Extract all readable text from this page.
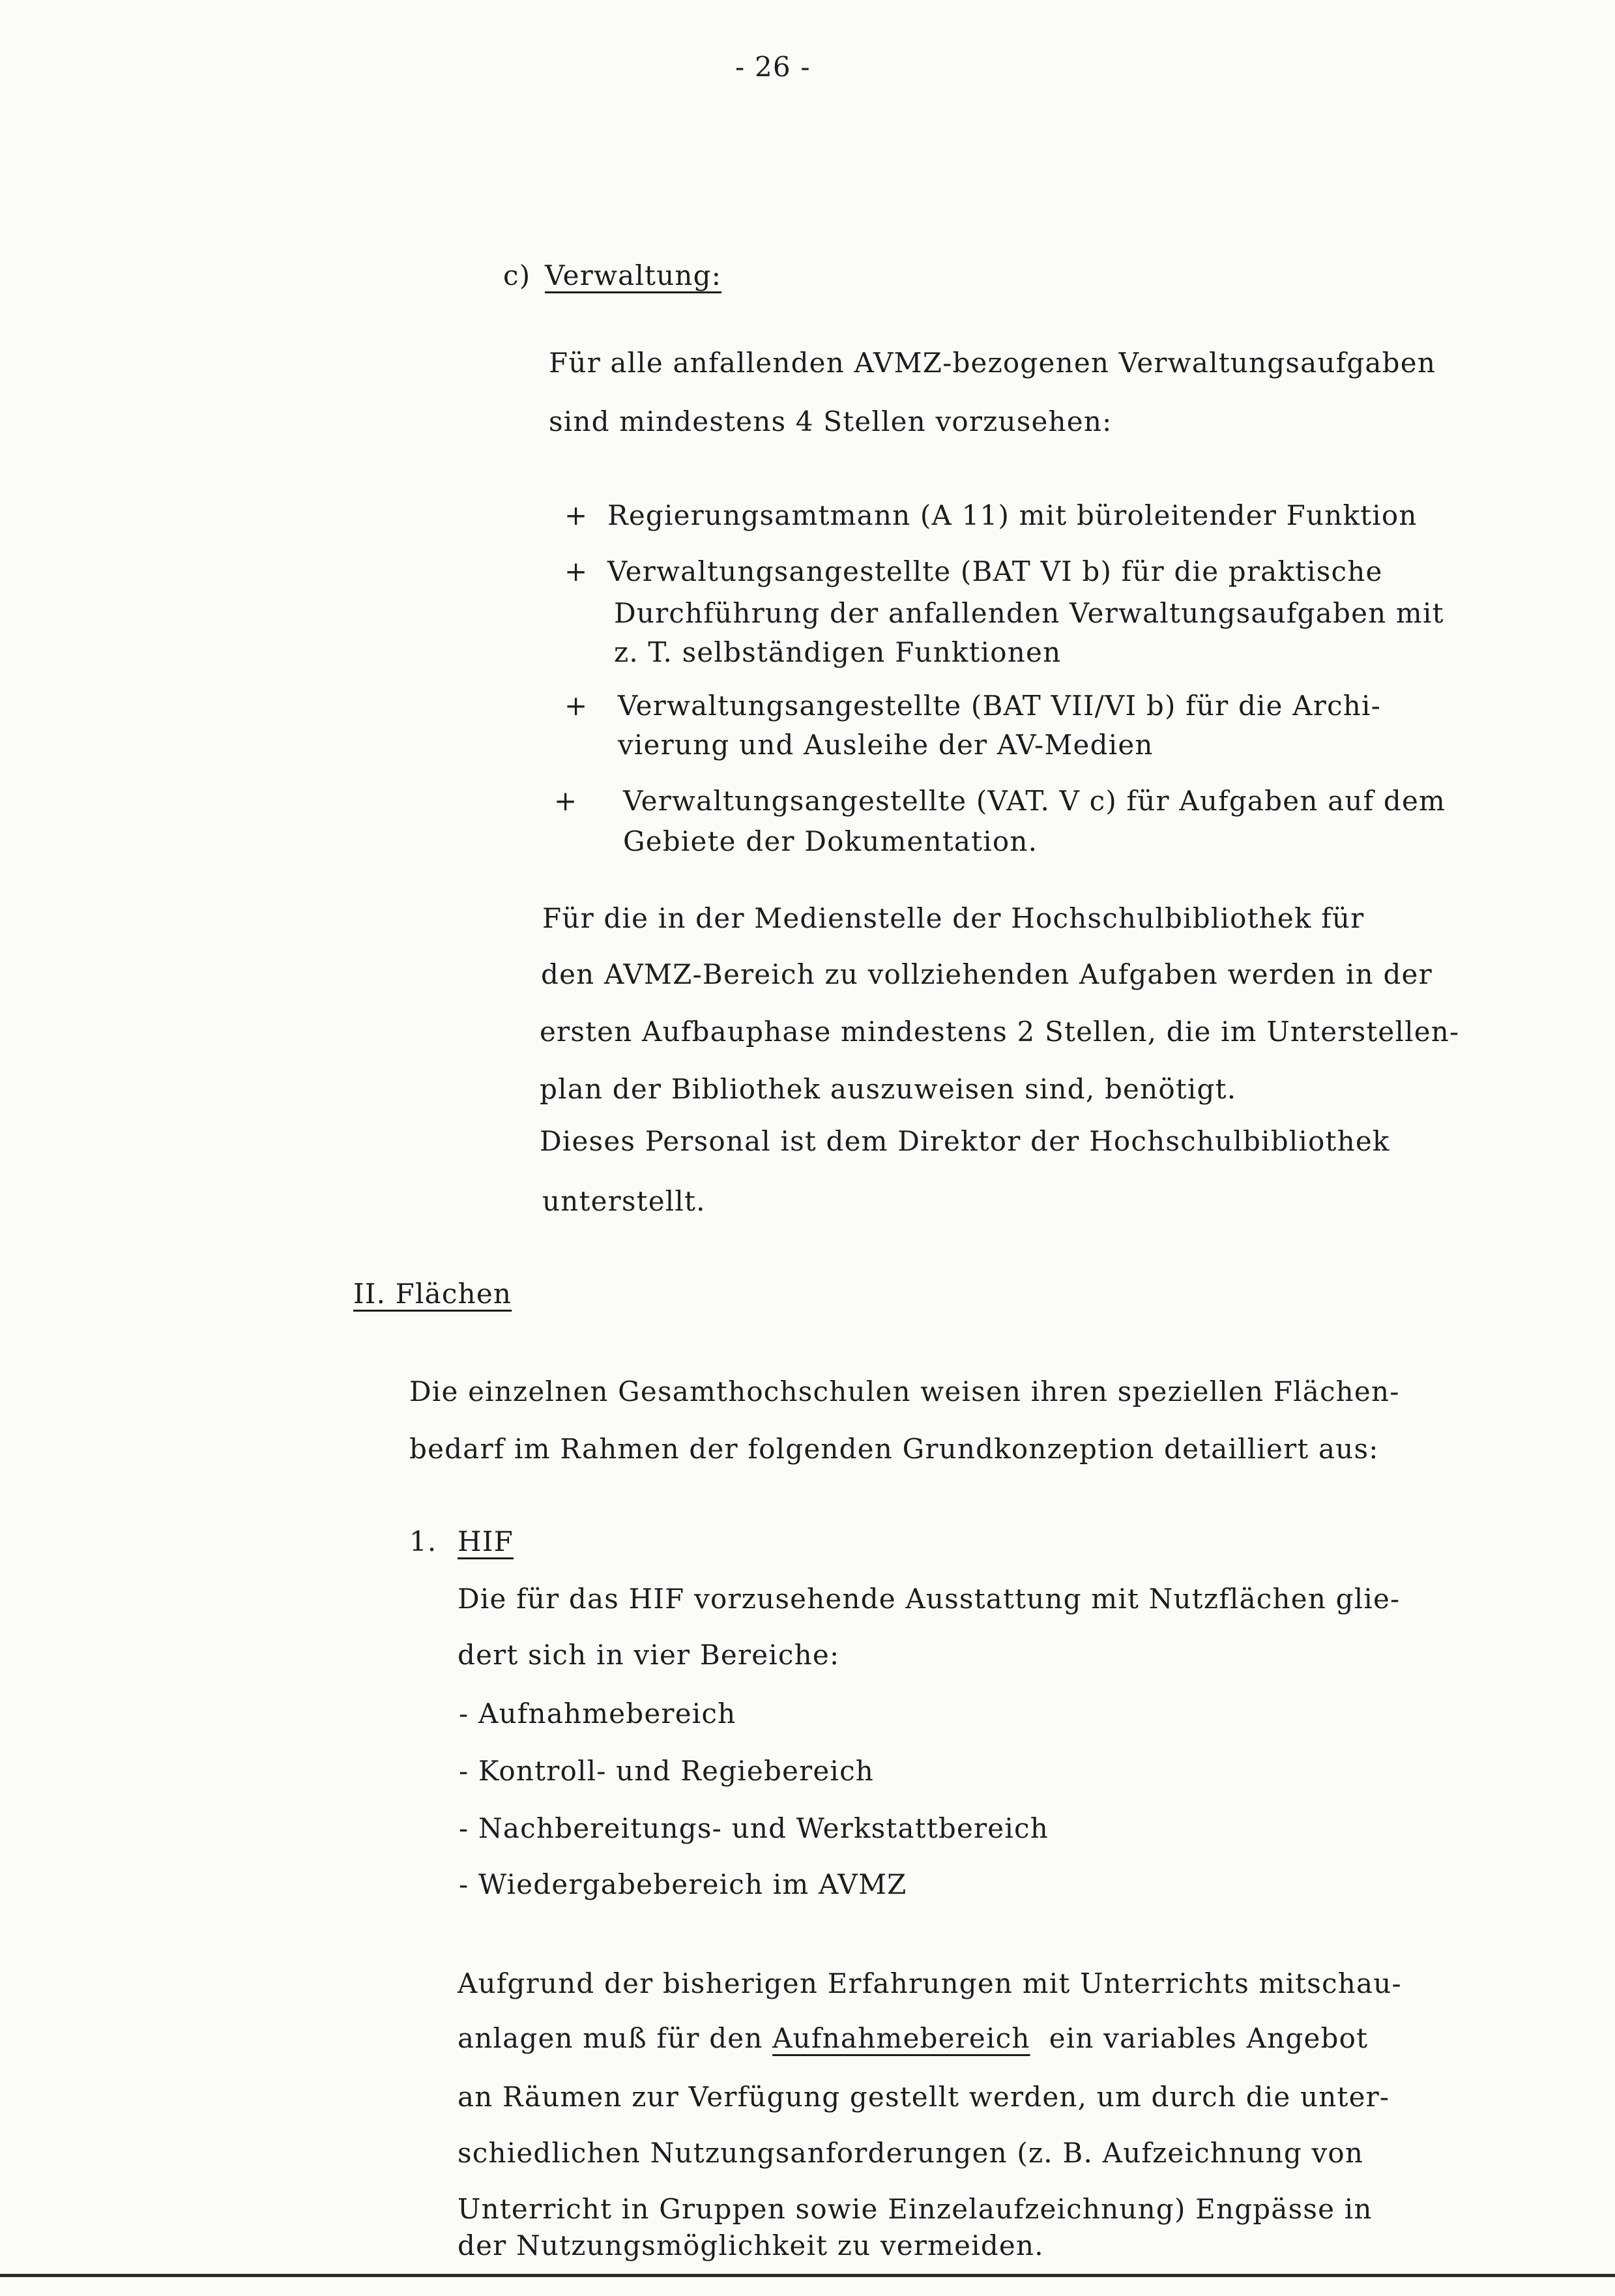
- 26 -
c) Verwaltung:
Für alle anfallenden AVMZ-bezogenen Verwaltungsaufgaben
sind mindestens 4 Stellen vorzusehen:
+ Regierungsamtmann (A 11) mit büroleitender Funktion
+ Verwaltungsangestellte (BAT VI b) für die praktische
Durchführung der anfallenden Verwaltungsaufgaben mit
z. T. selbständigen Funktionen
+ Verwaltungsangestellte (BAT VII/VI b) für die Archi-
vierung und Ausleihe der AV-Medien
+ Verwaltungsangestellte (VAT. V c) für Aufgaben auf dem
Gebiete der Dokumentation.
Für die in der Medienstelle der Hochschulbibliothek für
den AVMZ-Bereich zu vollziehenden Aufgaben werden in der
ersten Aufbauphase mindestens 2 Stellen, die im Unterstellen-
plan der Bibliothek auszuweisen sind, benötigt.
Dieses Personal ist dem Direktor der Hochschulbibliothek
unterstellt.
II. Flächen
Die einzelnen Gesamthochschulen weisen ihren speziellen Flächen-
bedarf im Rahmen der folgenden Grundkonzeption detailliert aus:
1. HIF
Die für das HIF vorzusehende Ausstattung mit Nutzflächen glie-
dert sich in vier Bereiche:
- Aufnahmebereich
- Kontroll- und Regiebereich
- Nachbereitungs- und Werkstattbereich
- Wiedergabebereich im AVMZ
Aufgrund der bisherigen Erfahrungen mit Unterrichts mitschau-
anlagen muß für den Aufnahmebereich  ein variables Angebot
an Räumen zur Verfügung gestellt werden, um durch die unter-
schiedlichen Nutzungsanforderungen (z. B. Aufzeichnung von
Unterricht in Gruppen sowie Einzelaufzeichnung) Engpässe in
der Nutzungsmöglichkeit zu vermeiden.
